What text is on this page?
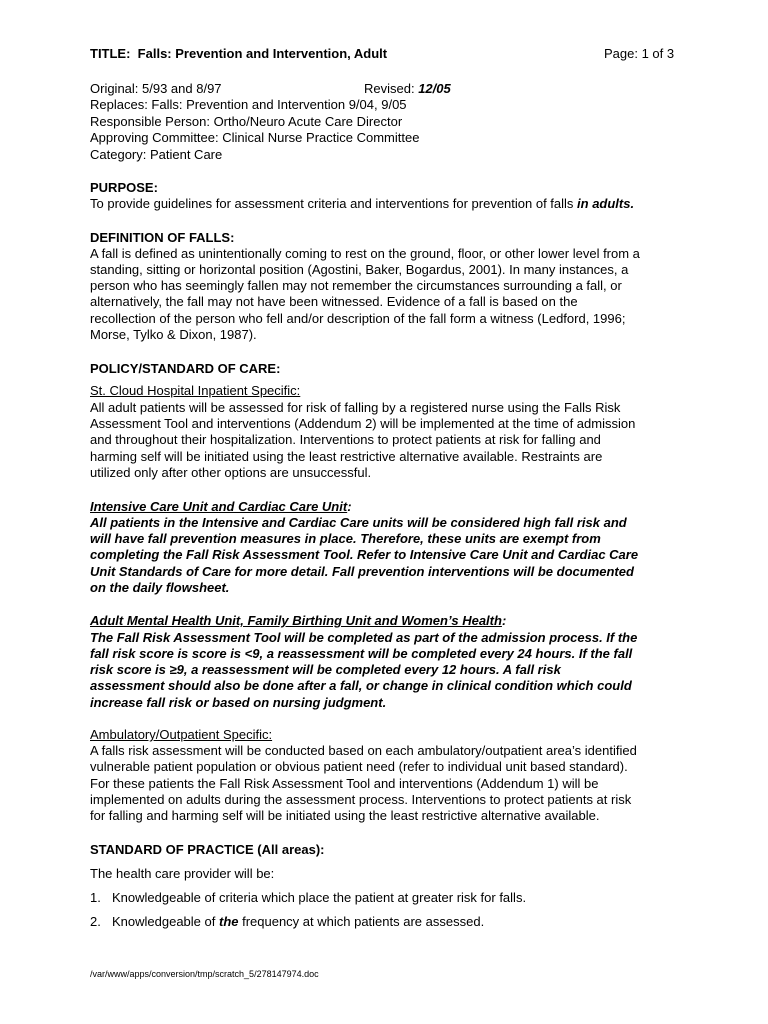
TITLE: Falls: Prevention and Intervention, Adult	Page: 1 of 3
Original: 5/93 and 8/97	Revised: 12/05
Replaces: Falls: Prevention and Intervention 9/04, 9/05
Responsible Person: Ortho/Neuro Acute Care Director
Approving Committee: Clinical Nurse Practice Committee
Category: Patient Care
PURPOSE:
To provide guidelines for assessment criteria and interventions for prevention of falls in adults.
DEFINITION OF FALLS:
A fall is defined as unintentionally coming to rest on the ground, floor, or other lower level from a
standing, sitting or horizontal position (Agostini, Baker, Bogardus, 2001). In many instances, a
person who has seemingly fallen may not remember the circumstances surrounding a fall, or
alternatively, the fall may not have been witnessed. Evidence of a fall is based on the
recollection of the person who fell and/or description of the fall form a witness (Ledford, 1996;
Morse, Tylko & Dixon, 1987).
POLICY/STANDARD OF CARE:
St. Cloud Hospital Inpatient Specific:
All adult patients will be assessed for risk of falling by a registered nurse using the Falls Risk
Assessment Tool and interventions (Addendum 2) will be implemented at the time of admission
and throughout their hospitalization. Interventions to protect patients at risk for falling and
harming self will be initiated using the least restrictive alternative available. Restraints are
utilized only after other options are unsuccessful.
Intensive Care Unit and Cardiac Care Unit:
All patients in the Intensive and Cardiac Care units will be considered high fall risk and
will have fall prevention measures in place. Therefore, these units are exempt from
completing the Fall Risk Assessment Tool. Refer to Intensive Care Unit and Cardiac Care
Unit Standards of Care for more detail. Fall prevention interventions will be documented
on the daily flowsheet.
Adult Mental Health Unit, Family Birthing Unit and Women’s Health:
The Fall Risk Assessment Tool will be completed as part of the admission process. If the
fall risk score is score is <9, a reassessment will be completed every 24 hours. If the fall
risk score is ≥9, a reassessment will be completed every 12 hours. A fall risk
assessment should also be done after a fall, or change in clinical condition which could
increase fall risk or based on nursing judgment.
Ambulatory/Outpatient Specific:
A falls risk assessment will be conducted based on each ambulatory/outpatient area’s identified
vulnerable patient population or obvious patient need (refer to individual unit based standard).
For these patients the Fall Risk Assessment Tool and interventions (Addendum 1) will be
implemented on adults during the assessment process. Interventions to protect patients at risk
for falling and harming self will be initiated using the least restrictive alternative available.
STANDARD OF PRACTICE (All areas):
The health care provider will be:
1. Knowledgeable of criteria which place the patient at greater risk for falls.
2. Knowledgeable of the frequency at which patients are assessed.
/var/www/apps/conversion/tmp/scratch_5/278147974.doc
